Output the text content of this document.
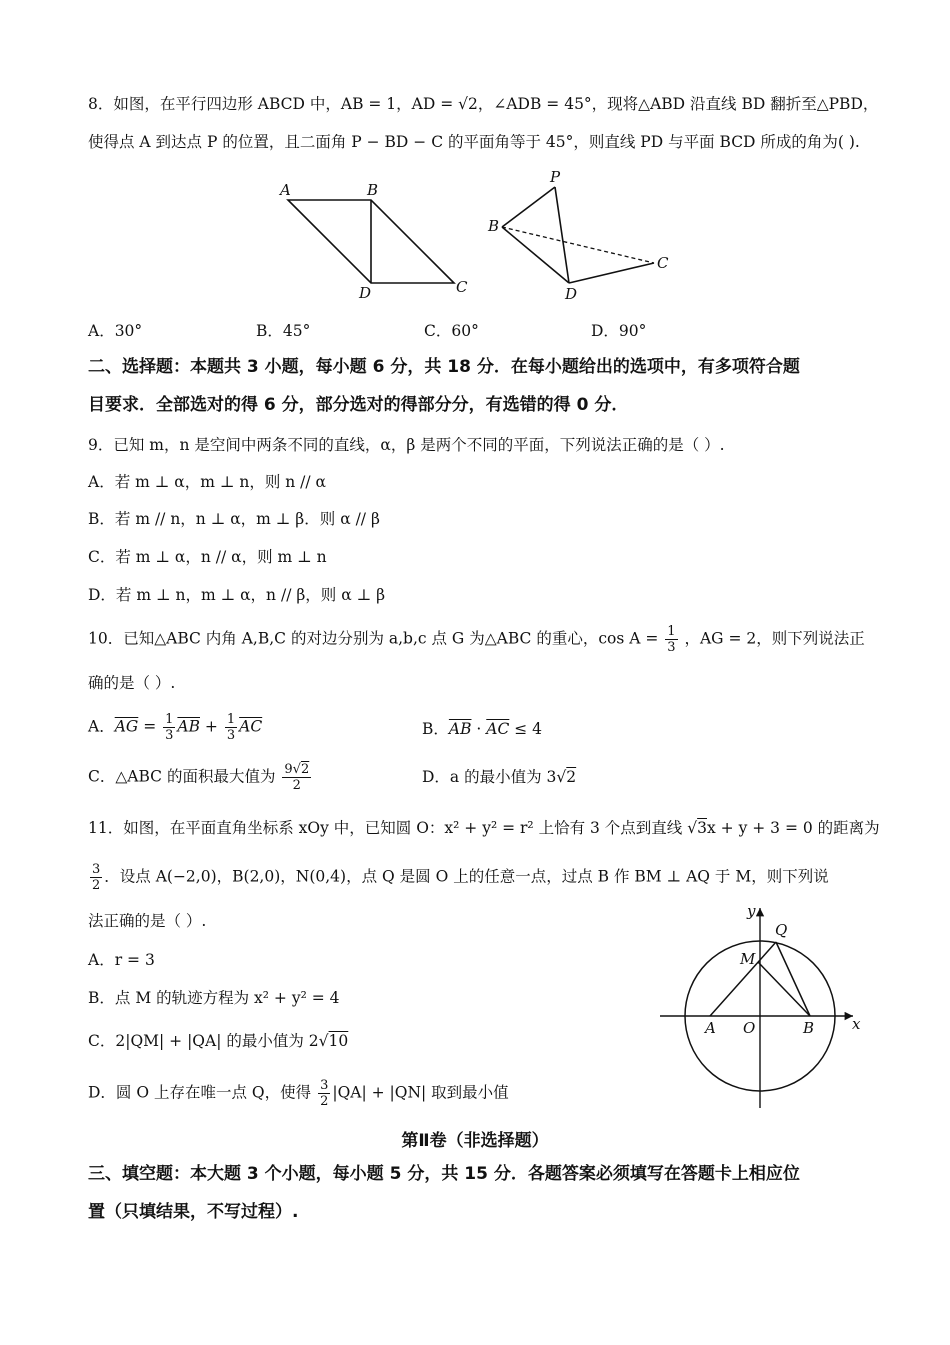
8．如图，在平行四边形 ABCD 中，AB = 1，AD = √2，∠ADB = 45°，现将△ABD 沿直线 BD 翻折至△PBD，
使得点 A 到达点 P 的位置，且二面角 P − BD − C 的平面角等于 45°，则直线 PD 与平面 BCD 所成的角为( ).
A	B
D	C
P
B
C
D
A．30°	B．45°	C．60°	D．90°
二、选择题：本题共 3 小题，每小题 6 分，共 18 分．在每小题给出的选项中，有多项符合题
目要求．全部选对的得 6 分，部分选对的得部分分，有选错的得 0 分．
9．已知 m，n 是空间中两条不同的直线，α，β 是两个不同的平面，下列说法正确的是（ ）.
A．若 m ⊥ α，m ⊥ n，则 n // α
B．若 m // n，n ⊥ α，m ⊥ β．则 α // β
C．若 m ⊥ α，n // α，则 m ⊥ n
D．若 m ⊥ n，m ⊥ α，n // β，则 α ⊥ β
10．已知△ABC 内角 A,B,C 的对边分别为 a,b,c 点 G 为△ABC 的重心，$\cos A = \frac{1}{3}$ ，AG = 2，则下列说法正
确的是（ ）.
A．$\overline{AG} = \frac{1}{3} \overline{AB} + \frac{1}{3} \overline{AC}$	B．$\overline{AB} \cdot \overline{AC} \le 4$
C．△ABC 的面积最大值为 $\frac{9√2}{2}$	D．a 的最小值为 3√2
11．如图，在平面直角坐标系 xOy 中，已知圆 O：x² + y² = r² 上恰有 3 个点到直线 √3x + y + 3 = 0 的距离为
$\frac{3}{2}$ ．设点 A(−2,0)，B(2,0)，N(0,4)，点 Q 是圆 O 上的任意一点，过点 B 作 BM ⊥ AQ 于 M，则下列说
法正确的是（ ）.
A．r = 3
B．点 M 的轨迹方程为 x² + y² = 4
C．2|QM| + |QA| 的最小值为 2√10
D．圆 O 上存在唯一点 Q，使得 $\frac{3}{2} |QA| + |QN|$ 取到最小值
y
Q
M
A O	B	x
第Ⅱ卷（非选择题）
三、填空题：本大题 3 个小题，每小题 5 分，共 15 分．各题答案必须填写在答题卡上相应位
置（只填结果，不写过程）.
